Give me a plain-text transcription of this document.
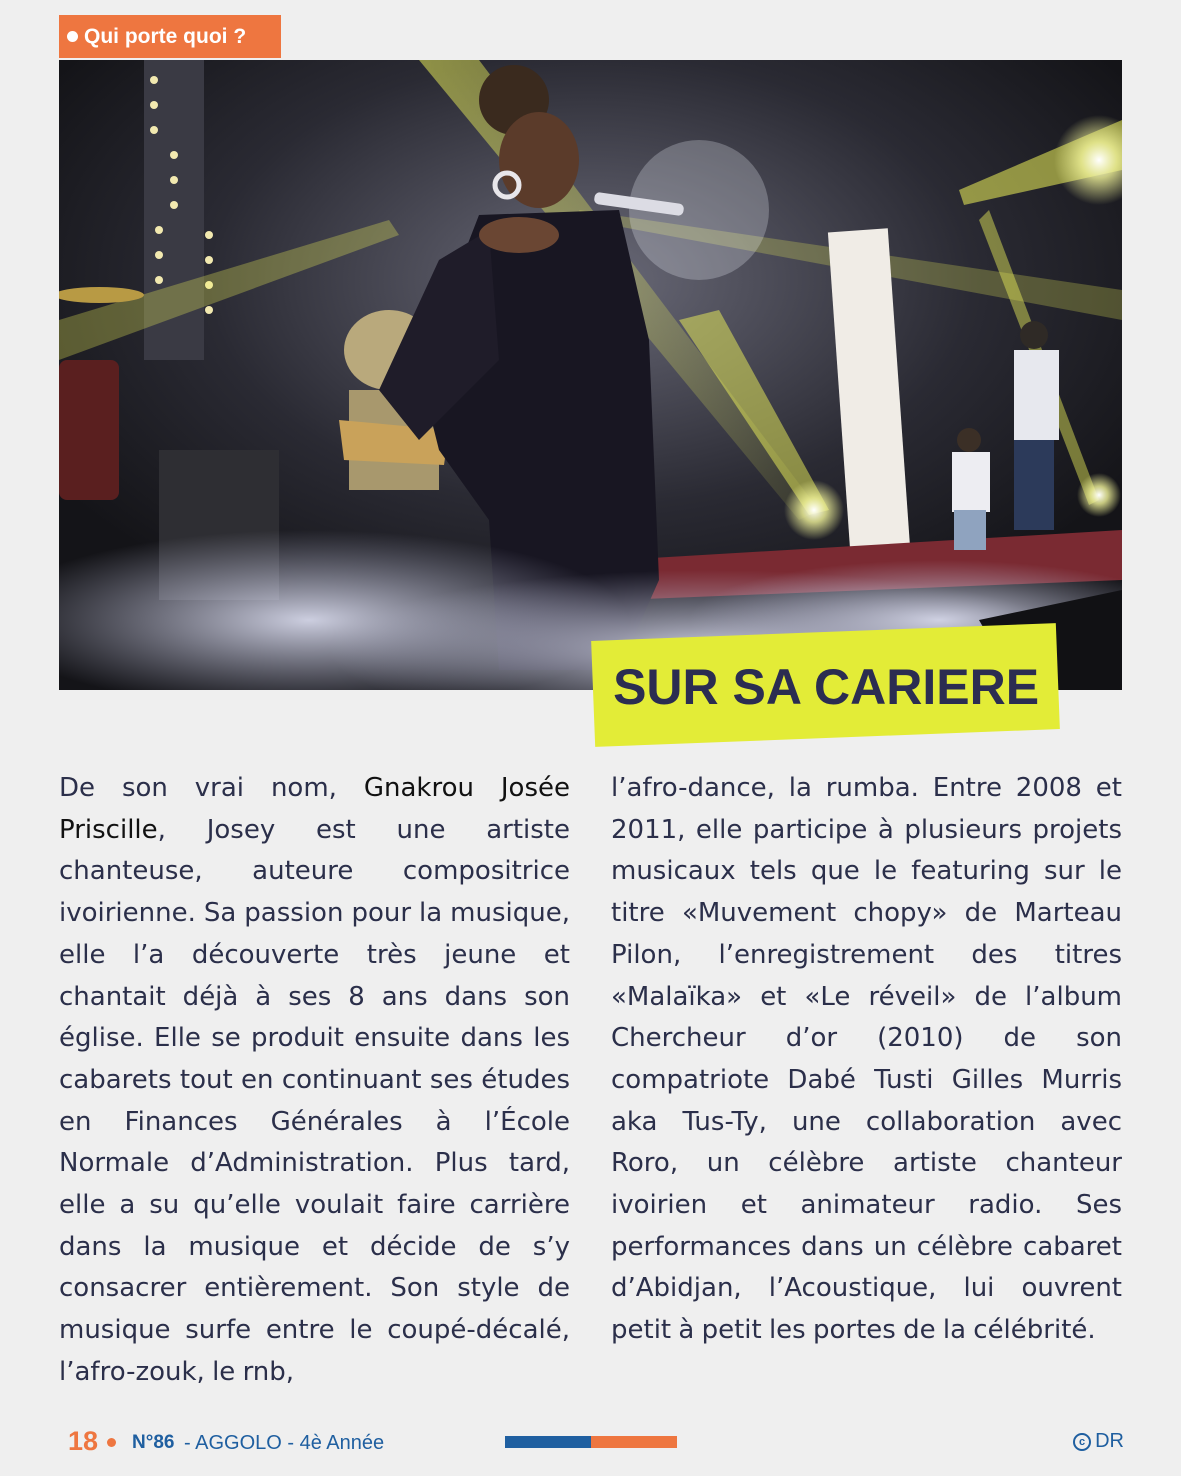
Qui porte quoi ?
SUR SA CARIERE
De son vrai nom, Gnakrou Josée Priscille, Josey est une artiste chanteuse, auteure compositrice ivoirienne. Sa passion pour la musique, elle l’a découverte très jeune et chantait déjà à ses 8 ans dans son église. Elle se produit ensuite dans les cabarets tout en continuant ses études en Finances Générales à l’École Normale d’Administration. Plus tard, elle a su qu’elle voulait faire carrière dans la musique et décide de s’y consacrer entièrement. Son style de musique surfe entre le coupé-décalé, l’afro-zouk, le rnb,
l’afro-dance, la rumba. Entre 2008 et 2011, elle participe à plusieurs projets musicaux tels que le featuring sur le titre «Muvement chopy» de Marteau Pilon, l’enregistrement des titres «Malaïka» et «Le réveil» de l’album Chercheur d’or (2010) de son compatriote Dabé Tusti Gilles Murris aka Tus-Ty, une collaboration avec Roro, un célèbre artiste chanteur ivoirien et animateur radio. Ses performances dans un célèbre cabaret d’Abidjan, l’Acoustique, lui ouvrent petit à petit les portes de la célébrité.
18 N°86 - AGGOLO - 4è Année	c DR
